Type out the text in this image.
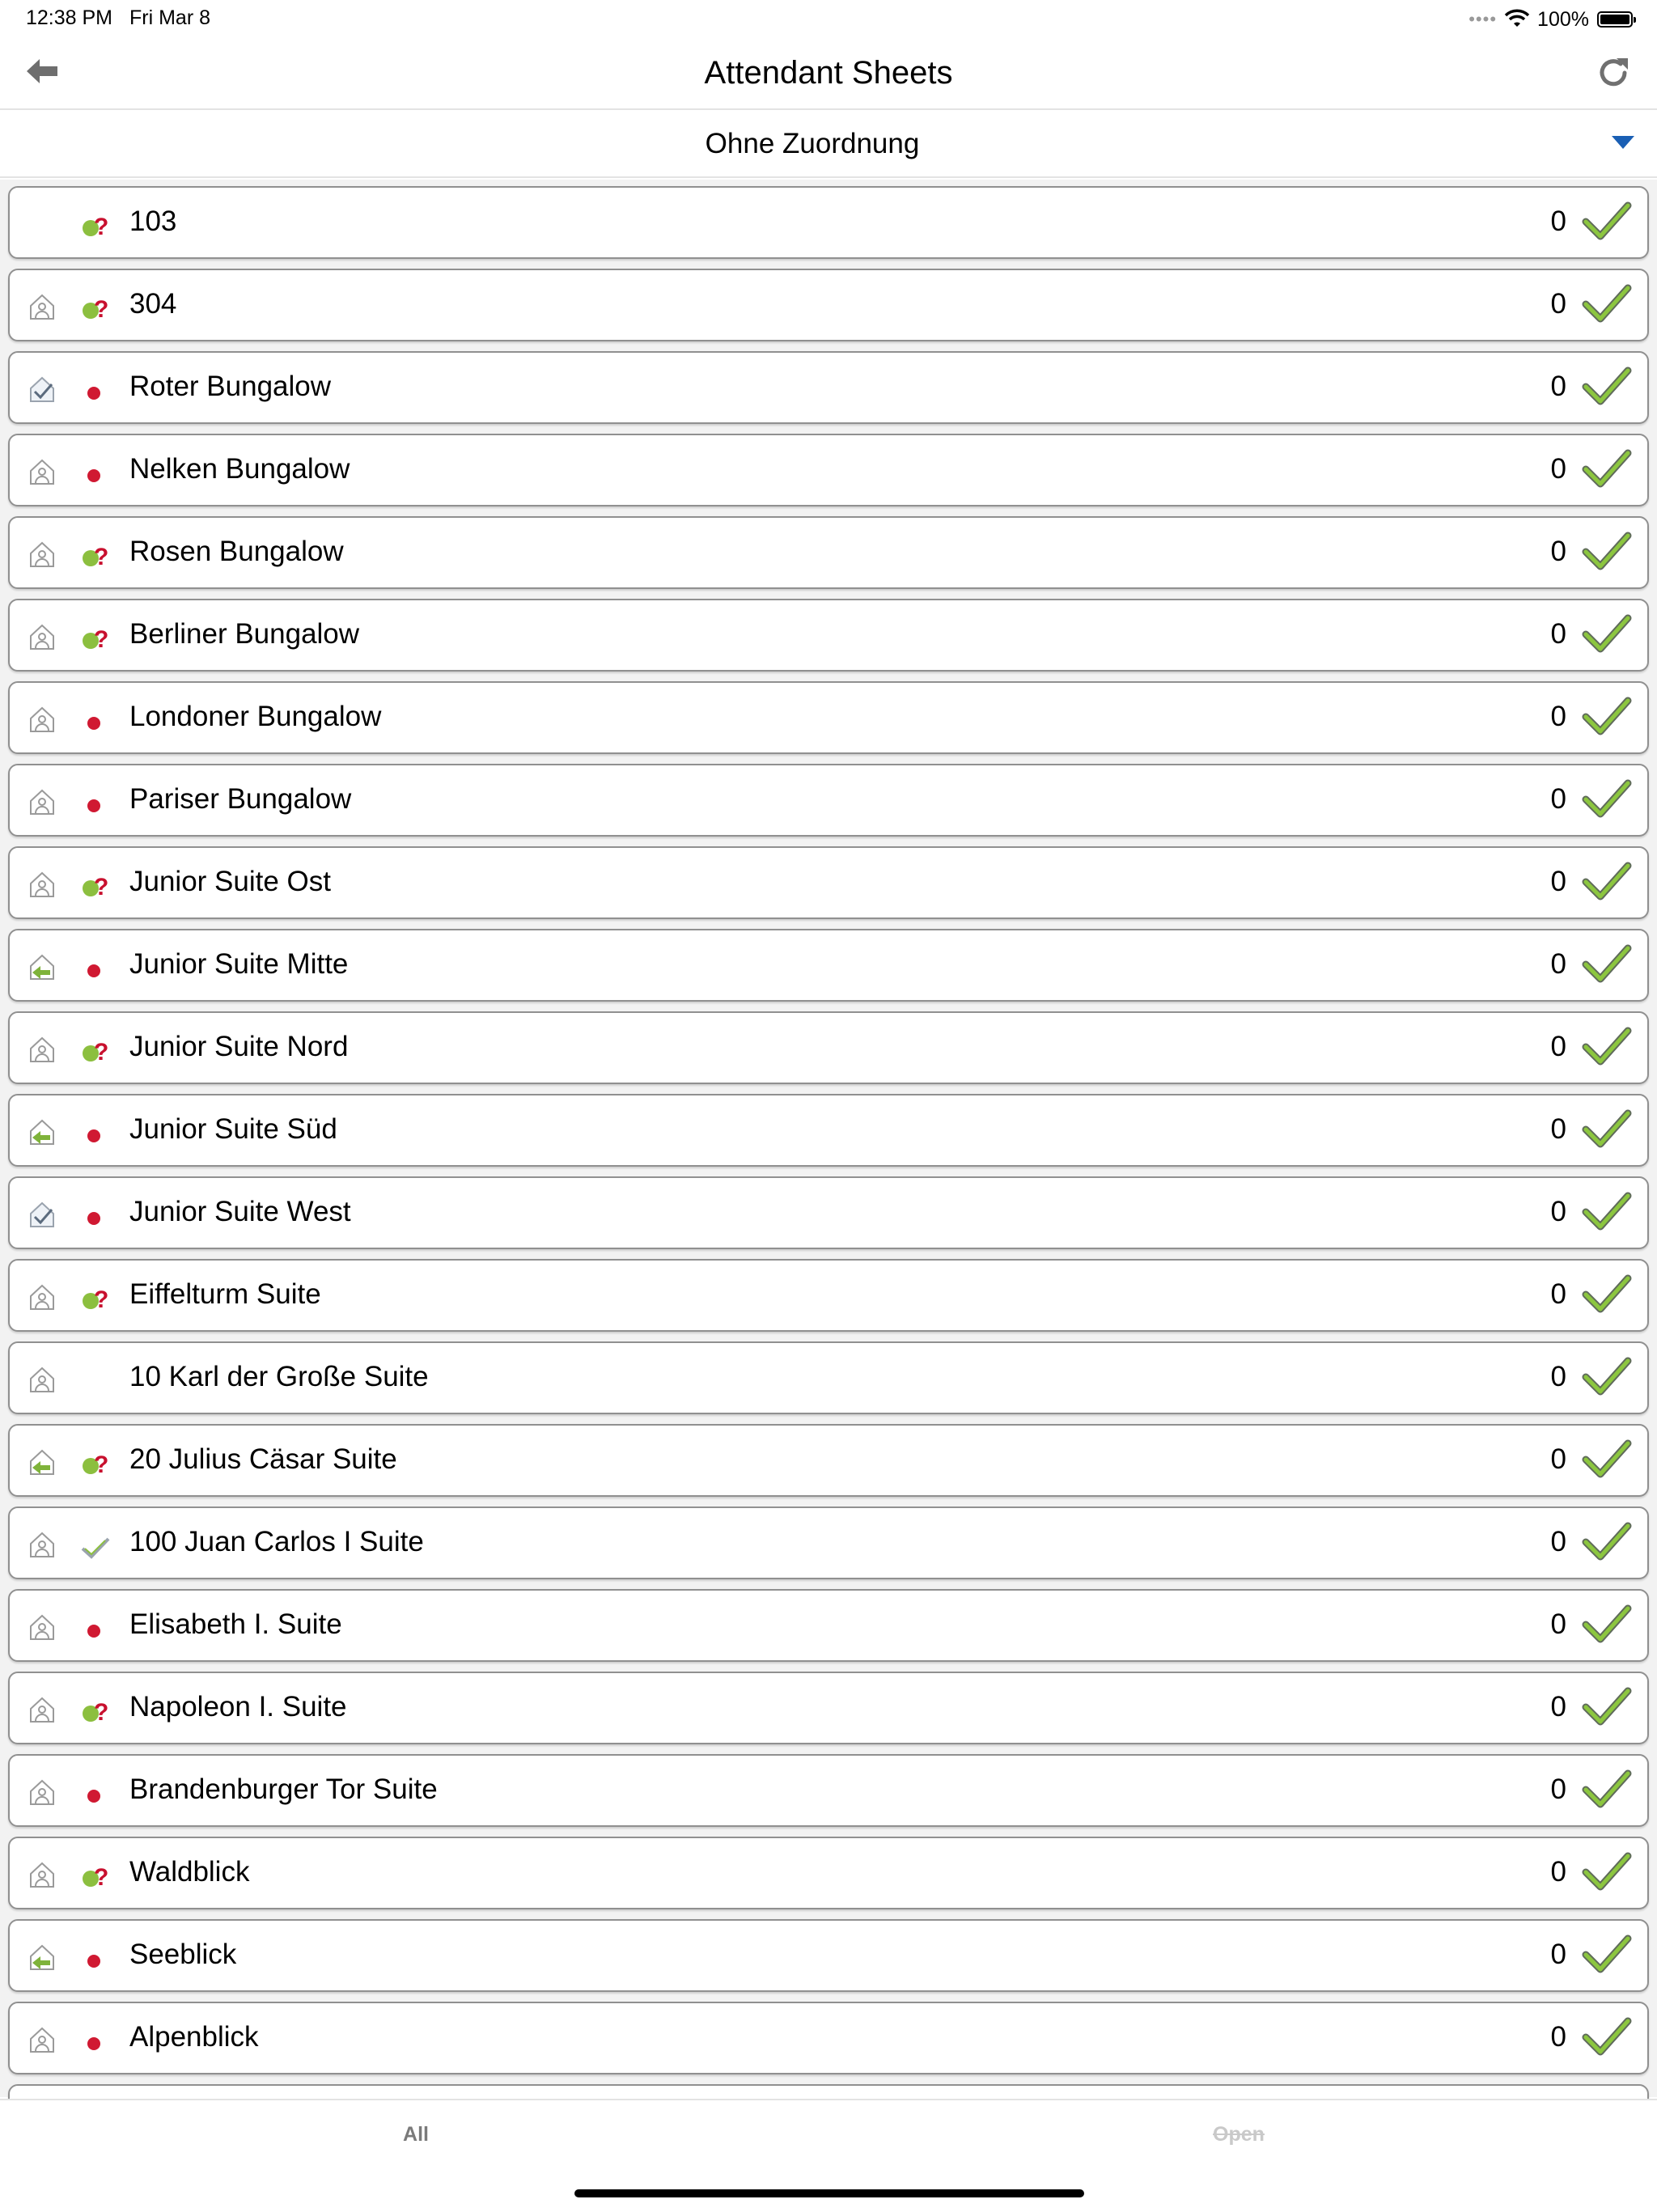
12:38 PM Fri Mar 8	•••• 100%
Attendant Sheets
Ohne Zuordnung
? 103	0
? 304	0
Roter Bungalow	0
Nelken Bungalow	0
? Rosen Bungalow	0
? Berliner Bungalow	0
Londoner Bungalow	0
Pariser Bungalow	0
? Junior Suite Ost	0
Junior Suite Mitte	0
? Junior Suite Nord	0
Junior Suite Süd	0
Junior Suite West	0
? Eiffelturm Suite	0
10 Karl der Große Suite	0
? 20 Julius Cäsar Suite	0
100 Juan Carlos I Suite	0
Elisabeth I. Suite	0
? Napoleon I. Suite	0
Brandenburger Tor Suite	0
? Waldblick	0
Seeblick	0
Alpenblick	0
All	Open
